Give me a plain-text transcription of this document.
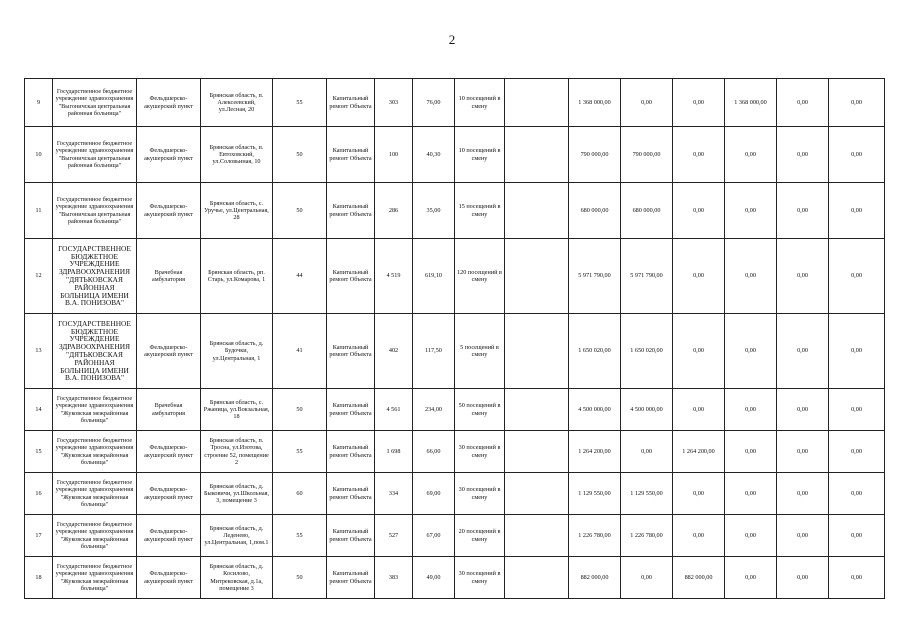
2
9	Государственное бюджетное учреждение здравоохранения "Выгоничская центральная районная больница"	Фельдшерско-акушерский пункт	Брянская область, п. Алексеевский, ул.Лесная, 20	55	Капитальный ремонт Объекта	303	76,00	10 посещений в смену		1 368 000,00	0,00	0,00	1 368 000,00	0,00	0,00
10	Государственное бюджетное учреждение здравоохранения "Выгоничская центральная районная больница"	Фельдшерско-акушерский пункт	Брянская область, п. Евтоховский, ул.Соловьиная, 10	50	Капитальный ремонт Объекта	100	40,30	10 посещений в смену		790 000,00	790 000,00	0,00	0,00	0,00	0,00
11	Государственное бюджетное учреждение здравоохранения "Выгоничская центральная районная больница"	Фельдшерско-акушерский пункт	Брянская область, с. Уручье, ул.Центральная, 28	50	Капитальный ремонт Объекта	286	35,00	15 посещений в смену		680 000,00	680 000,00	0,00	0,00	0,00	0,00
12	ГОСУДАРСТВЕННОЕ БЮДЖЕТНОЕ УЧРЕЖДЕНИЕ ЗДРАВООХРАНЕНИЯ "ДЯТЬКОВСКАЯ РАЙОННАЯ БОЛЬНИЦА ИМЕНИ В.А. ПОНИЗОВА"	Врачебная амбулатория	Брянская область, рп. Старь, ул.Комарова, 1	44	Капитальный ремонт Объекта	4 519	619,10	120 посещений в смену		5 971 790,00	5 971 790,00	0,00	0,00	0,00	0,00
13	ГОСУДАРСТВЕННОЕ БЮДЖЕТНОЕ УЧРЕЖДЕНИЕ ЗДРАВООХРАНЕНИЯ "ДЯТЬКОВСКАЯ РАЙОННАЯ БОЛЬНИЦА ИМЕНИ В.А. ПОНИЗОВА"	Фельдшерско-акушерский пункт	Брянская область, д. Будочки, ул.Центральная, 1	41	Капитальный ремонт Объекта	402	117,50	5 посещений в смену		1 650 020,00	1 650 020,00	0,00	0,00	0,00	0,00
14	Государственное бюджетное учреждение здравоохранения "Жуковская межрайонная больница"	Врачебная амбулатория	Брянская область, с. Ржаница, ул.Вокзальная, 18	50	Капитальный ремонт Объекта	4 561	234,00	50 посещений в смену		4 500 000,00	4 500 000,00	0,00	0,00	0,00	0,00
15	Государственное бюджетное учреждение здравоохранения "Жуковская межрайонная больница"	Фельдшерско-акушерский пункт	Брянская область, п. Тросна, ул.Изотова, строение 52, помещение 2	55	Капитальный ремонт Объекта	1 698	66,00	30 посещений в смену		1 264 200,00	0,00	1 264 200,00	0,00	0,00	0,00
16	Государственное бюджетное учреждение здравоохранения "Жуковская межрайонная больница"	Фельдшерско-акушерский пункт	Брянская область, д. Быковичи, ул.Школьная, 3, помещение 3	60	Капитальный ремонт Объекта	334	69,00	30 посещений в смену		1 129 550,00	1 129 550,00	0,00	0,00	0,00	0,00
17	Государственное бюджетное учреждение здравоохранения "Жуковская межрайонная больница"	Фельдшерско-акушерский пункт	Брянская область, д. Леденево, ул.Центральная, 1,пом.1	55	Капитальный ремонт Объекта	527	67,00	20 посещений в смену		1 226 780,00	1 226 780,00	0,00	0,00	0,00	0,00
18	Государственное бюджетное учреждение здравоохранения "Жуковская межрайонная больница"	Фельдшерско-акушерский пункт	Брянская область, д. Косилово, Митрековская, д.1а, помещение 3	50	Капитальный ремонт Объекта	383	49,00	30 посещений в смену		882 000,00	0,00	882 000,00	0,00	0,00	0,00
